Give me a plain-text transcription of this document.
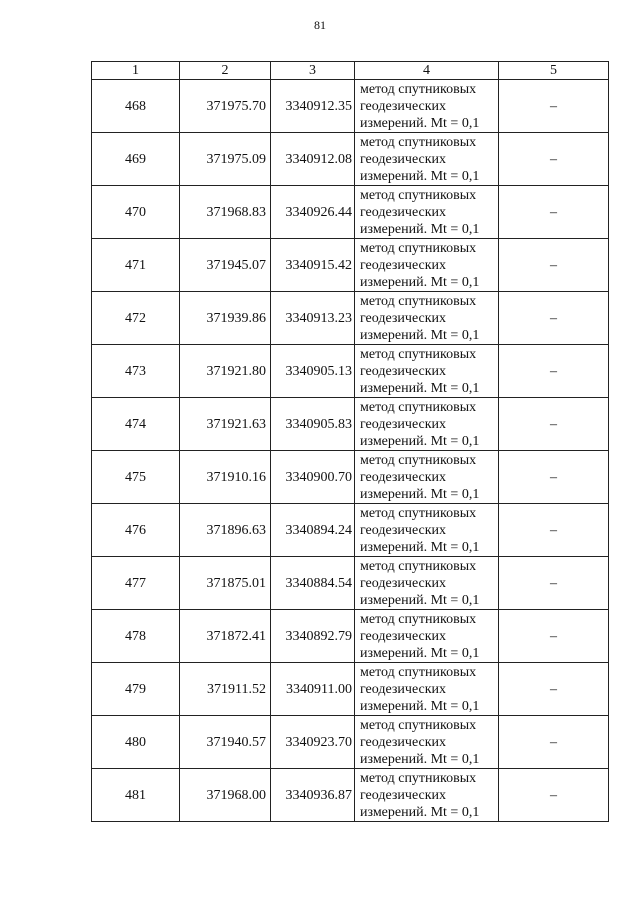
81
1	2	3	4	5
468	371975.70	3340912.35	метод спутниковых
геодезических
измерений. Mt = 0,1	–
469	371975.09	3340912.08	метод спутниковых
геодезических
измерений. Mt = 0,1	–
470	371968.83	3340926.44	метод спутниковых
геодезических
измерений. Mt = 0,1	–
471	371945.07	3340915.42	метод спутниковых
геодезических
измерений. Mt = 0,1	–
472	371939.86	3340913.23	метод спутниковых
геодезических
измерений. Mt = 0,1	–
473	371921.80	3340905.13	метод спутниковых
геодезических
измерений. Mt = 0,1	–
474	371921.63	3340905.83	метод спутниковых
геодезических
измерений. Mt = 0,1	–
475	371910.16	3340900.70	метод спутниковых
геодезических
измерений. Mt = 0,1	–
476	371896.63	3340894.24	метод спутниковых
геодезических
измерений. Mt = 0,1	–
477	371875.01	3340884.54	метод спутниковых
геодезических
измерений. Mt = 0,1	–
478	371872.41	3340892.79	метод спутниковых
геодезических
измерений. Mt = 0,1	–
479	371911.52	3340911.00	метод спутниковых
геодезических
измерений. Mt = 0,1	–
480	371940.57	3340923.70	метод спутниковых
геодезических
измерений. Mt = 0,1	–
481	371968.00	3340936.87	метод спутниковых
геодезических
измерений. Mt = 0,1	–
